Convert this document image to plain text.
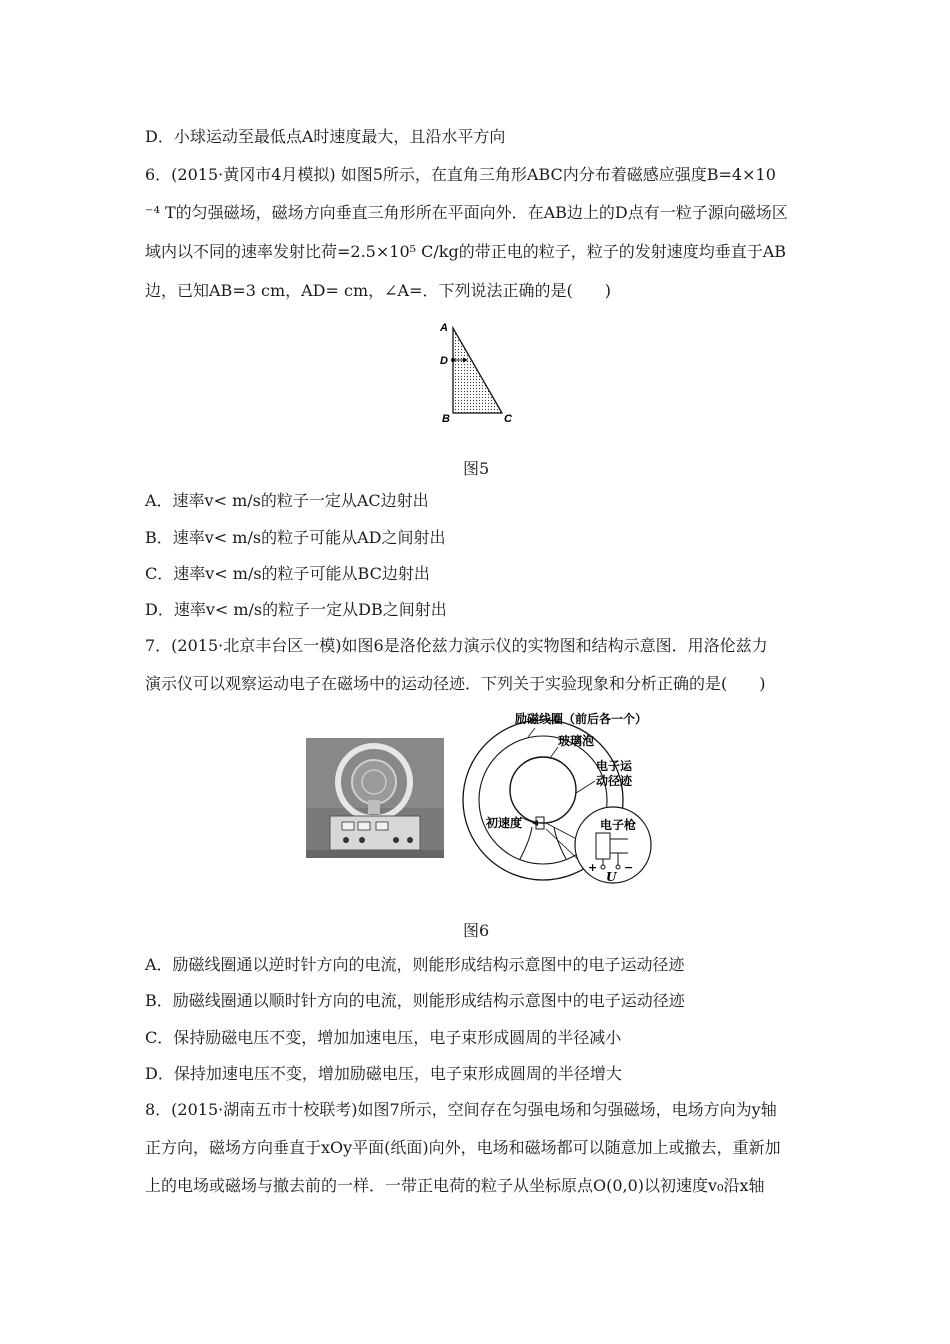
D．小球运动至最低点A时速度最大，且沿水平方向
6．(2015·黄冈市4月模拟) 如图5所示，在直角三角形ABC内分布着磁感应强度B=4×10
⁻⁴ T的匀强磁场，磁场方向垂直三角形所在平面向外．在AB边上的D点有一粒子源向磁场区
域内以不同的速率发射比荷=2.5×10⁵ C/kg的带正电的粒子，粒子的发射速度均垂直于AB
边，已知AB=3 cm，AD= cm，∠A=．下列说法正确的是(　　)
A
D
B	C
图5
A．速率v< m/s的粒子一定从AC边射出
B．速率v< m/s的粒子可能从AD之间射出
C．速率v< m/s的粒子可能从BC边射出
D．速率v< m/s的粒子一定从DB之间射出
7．(2015·北京丰台区一模)如图6是洛伦兹力演示仪的实物图和结构示意图．用洛伦兹力
演示仪可以观察运动电子在磁场中的运动径迹．下列关于实验现象和分析正确的是(　　)
励磁线圈（前后各一个）
玻璃泡
电子运
动径迹
初速度	电子枪
+
U
−
图6
A．励磁线圈通以逆时针方向的电流，则能形成结构示意图中的电子运动径迹
B．励磁线圈通以顺时针方向的电流，则能形成结构示意图中的电子运动径迹
C．保持励磁电压不变，增加加速电压，电子束形成圆周的半径减小
D．保持加速电压不变，增加励磁电压，电子束形成圆周的半径增大
8．(2015·湖南五市十校联考)如图7所示，空间存在匀强电场和匀强磁场，电场方向为y轴
正方向，磁场方向垂直于xOy平面(纸面)向外，电场和磁场都可以随意加上或撤去，重新加
上的电场或磁场与撤去前的一样．一带正电荷的粒子从坐标原点O(0,0)以初速度v₀沿x轴
